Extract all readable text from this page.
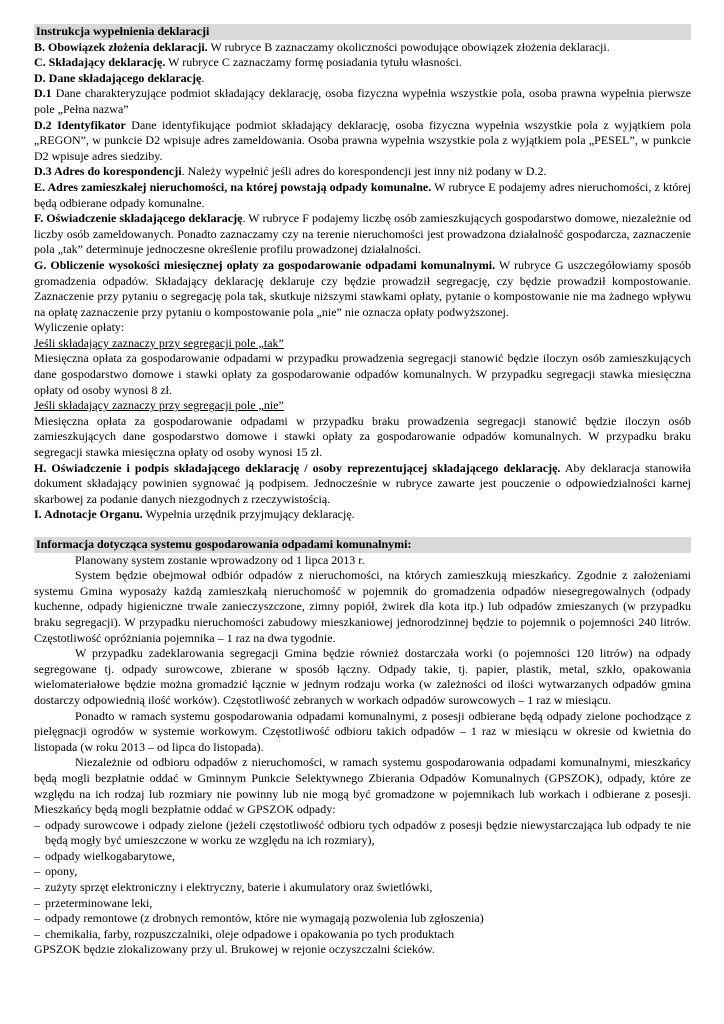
Instrukcja wypełnienia deklaracji

B. Obowiązek złożenia deklaracji. W rubryce B zaznaczamy okoliczności powodujące obowiązek złożenia deklaracji.

C. Składający deklarację. W rubryce C zaznaczamy formę posiadania tytułu własności.

D. Dane składającego deklarację.

D.1 Dane charakteryzujące podmiot składający deklarację, osoba fizyczna wypełnia wszystkie pola, osoba prawna wypełnia pierwsze pole „Pełna nazwa”

D.2 Identyfikator Dane identyfikujące podmiot składający deklarację, osoba fizyczna wypełnia wszystkie pola z wyjątkiem pola „REGON”, w punkcie D2 wpisuje adres zameldowania. Osoba prawna wypełnia wszystkie pola z wyjątkiem pola „PESEL”, w punkcie D2 wpisuje adres siedziby.

D.3 Adres do korespondencji. Należy wypełnić jeśli adres do korespondencji jest inny niż podany w D.2.

E. Adres zamieszkałej nieruchomości, na której powstają odpady komunalne. W rubryce E podajemy adres nieruchomości, z której będą odbierane odpady komunalne.

F. Oświadczenie składającego deklarację. W rubryce F podajemy liczbę osób zamieszkujących gospodarstwo domowe, niezależnie od liczby osób zameldowanych. Ponadto zaznaczamy czy na terenie nieruchomości jest prowadzona działalność gospodarcza, zaznaczenie pola „tak” determinuje jednoczesne określenie profilu prowadzonej działalności.

G. Obliczenie wysokości miesięcznej opłaty za gospodarowanie odpadami komunalnymi. W rubryce G uszczegółowiamy sposób gromadzenia odpadów. Składający deklarację deklaruje czy będzie prowadził segregację, czy będzie prowadził kompostowanie. Zaznaczenie przy pytaniu o segregację pola tak, skutkuje niższymi stawkami opłaty, pytanie o kompostowanie nie ma żadnego wpływu na opłatę zaznaczenie przy pytaniu o kompostowanie pola „nie” nie oznacza opłaty podwyższonej.

Wyliczenie opłaty:

Jeśli składający zaznaczy przy segregacji pole „tak”

Miesięczna opłata za gospodarowanie odpadami w przypadku prowadzenia segregacji stanowić będzie iloczyn osób zamieszkujących dane gospodarstwo domowe i stawki opłaty za gospodarowanie odpadów komunalnych. W przypadku segregacji stawka miesięczna opłaty od osoby wynosi 8 zł.

Jeśli składający zaznaczy przy segregacji pole „nie”

Miesięczna opłata za gospodarowanie odpadami w przypadku braku prowadzenia segregacji stanowić będzie iloczyn osób zamieszkujących dane gospodarstwo domowe i stawki opłaty za gospodarowanie odpadów komunalnych. W przypadku braku segregacji stawka miesięczna opłaty od osoby wynosi 15 zł.

H. Oświadczenie i podpis składającego deklarację / osoby reprezentującej składającego deklarację. Aby deklaracja stanowiła dokument składający powinien sygnować ją podpisem. Jednocześnie w rubryce zawarte jest pouczenie o odpowiedzialności karnej skarbowej za podanie danych niezgodnych z rzeczywistością.

I. Adnotacje Organu. Wypełnia urzędnik przyjmujący deklarację.

Informacja dotycząca systemu gospodarowania odpadami komunalnymi:

Planowany system zostanie wprowadzony od 1 lipca 2013 r.

System będzie obejmował odbiór odpadów z nieruchomości, na których zamieszkują mieszkańcy. Zgodnie z założeniami systemu Gmina wyposaży każdą zamieszkałą nieruchomość w pojemnik do gromadzenia odpadów niesegregowalnych (odpady kuchenne, odpady higieniczne trwale zanieczyszczone, zimny popiół, żwirek dla kota itp.) lub odpadów zmieszanych (w przypadku braku segregacji). W przypadku nieruchomości zabudowy mieszkaniowej jednorodzinnej będzie to pojemnik o pojemności 240 litrów. Częstotliwość opróżniania pojemnika – 1 raz na dwa tygodnie.

W przypadku zadeklarowania segregacji Gmina będzie również dostarczała worki (o pojemności 120 litrów) na odpady segregowane tj. odpady surowcowe, zbierane w sposób łączny. Odpady takie, tj. papier, plastik, metal, szkło, opakowania wielomateriałowe będzie można gromadzić łącznie w jednym rodzaju worka (w zależności od ilości wytwarzanych odpadów gmina dostarczy odpowiednią ilość worków). Częstotliwość zebranych w workach odpadów surowcowych – 1 raz w miesiącu.

Ponadto w ramach systemu gospodarowania odpadami komunalnymi, z posesji odbierane będą odpady zielone pochodzące z pielęgnacji ogrodów w systemie workowym. Częstotliwość odbioru takich odpadów – 1 raz w miesiącu w okresie od kwietnia do listopada (w roku 2013 – od lipca do listopada).

Niezależnie od odbioru odpadów z nieruchomości, w ramach systemu gospodarowania odpadami komunalnymi, mieszkańcy będą mogli bezpłatnie oddać w Gminnym Punkcie Selektywnego Zbierania Odpadów Komunalnych (GPSZOK), odpady, które ze względu na ich rodzaj lub rozmiary nie powinny lub nie mogą być gromadzone w pojemnikach lub workach i odbierane z posesji. Mieszkańcy będą mogli bezpłatnie oddać w GPSZOK odpady:

– odpady surowcowe i odpady zielone (jeżeli częstotliwość odbioru tych odpadów z posesji będzie niewystarczająca lub odpady te nie będą mogły być umieszczone w worku ze względu na ich rozmiary),
– odpady wielkogabarytowe,
– opony,
– zużyty sprzęt elektroniczny i elektryczny, baterie i akumulatory oraz świetlówki,
– przeterminowane leki,
– odpady remontowe (z drobnych remontów, które nie wymagają pozwolenia lub zgłoszenia)
– chemikalia, farby, rozpuszczalniki, oleje odpadowe i opakowania po tych produktach

GPSZOK będzie zlokalizowany przy ul. Brukowej w rejonie oczyszczalni ścieków.
